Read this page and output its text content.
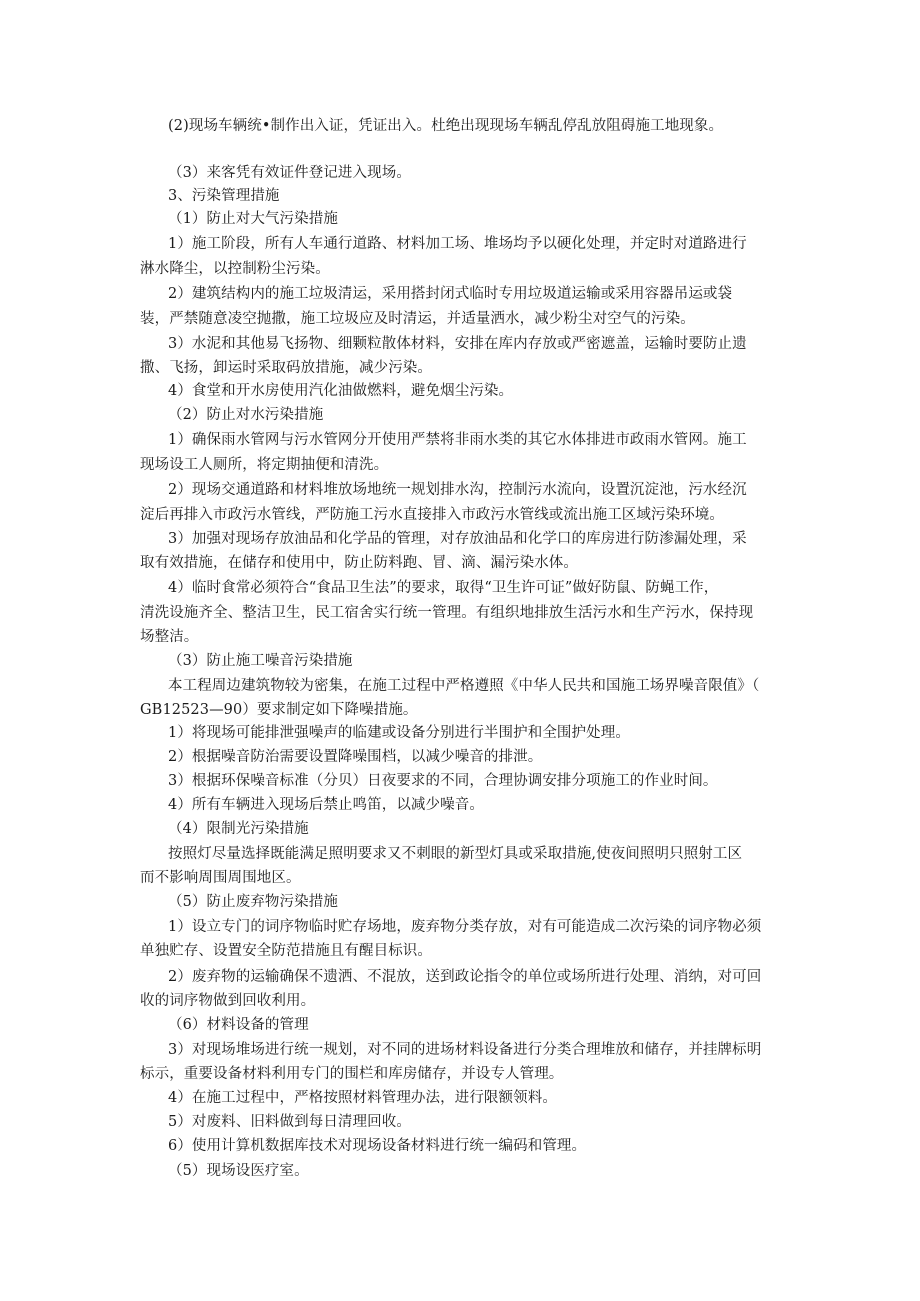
(2)现场车辆统•制作出入证，凭证出入。杜绝出现现场车辆乱停乱放阻碍施工地现象。
（3）来客凭有效证件登记进入现场。
3、污染管理措施
（1）防止对大气污染措施
1）施工阶段，所有人车通行道路、材料加工场、堆场均予以硬化处理，并定时对道路进行
淋水降尘，以控制粉尘污染。
2）建筑结构内的施工垃圾清运，采用搭封闭式临时专用垃圾道运输或采用容器吊运或袋
装，严禁随意凌空抛撒，施工垃圾应及时清运，并适量洒水，减少粉尘对空气的污染。
3）水泥和其他易飞扬物、细颗粒散体材料，安排在库内存放或严密遮盖，运输时要防止遗
撒、飞扬，卸运时采取码放措施，减少污染。
4）食堂和开水房使用汽化油做燃料，避免烟尘污染。
（2）防止对水污染措施
1）确保雨水管网与污水管网分开使用严禁将非雨水类的其它水体排进市政雨水管网。施工
现场设工人厕所，将定期抽便和清洗。
2）现场交通道路和材料堆放场地统一规划排水沟，控制污水流向，设置沉淀池，污水经沉
淀后再排入市政污水管线，严防施工污水直接排入市政污水管线或流出施工区域污染环境。
3）加强对现场存放油品和化学品的管理，对存放油品和化学口的库房进行防渗漏处理，采
取有效措施，在储存和使用中，防止防料跑、冒、滴、漏污染水体。
4）临时食常必须符合“食品卫生法”的要求，取得“卫生许可证”做好防鼠、防蝇工作，
清洗设施齐全、整洁卫生，民工宿舍实行统一管理。有组织地排放生活污水和生产污水，保持现
场整洁。
（3）防止施工噪音污染措施
本工程周边建筑物较为密集，在施工过程中严格遵照《中华人民共和国施工场界噪音限值》（
GB12523—90）要求制定如下降噪措施。
1）将现场可能排泄强噪声的临建或设备分别进行半围护和全围护处理。
2）根据噪音防治需要设置降噪围档，以减少噪音的排泄。
3）根据环保噪音标准（分贝）日夜要求的不同，合理协调安排分项施工的作业时间。
4）所有车辆进入现场后禁止鸣笛，以减少噪音。
（4）限制光污染措施
按照灯尽量选择既能满足照明要求又不刺眼的新型灯具或采取措施,使夜间照明只照射工区
而不影响周围周围地区。
（5）防止废弃物污染措施
1）设立专门的词序物临时贮存场地，废弃物分类存放，对有可能造成二次污染的词序物必须
单独贮存、设置安全防范措施且有醒目标识。
2）废弃物的运输确保不遗洒、不混放，送到政论指令的单位或场所进行处理、消纳，对可回
收的词序物做到回收利用。
（6）材料设备的管理
3）对现场堆场进行统一规划，对不同的进场材料设备进行分类合理堆放和储存，并挂牌标明
标示，重要设备材料利用专门的围栏和库房储存，并设专人管理。
4）在施工过程中，严格按照材料管理办法，进行限额领料。
5）对废料、旧料做到每日清理回收。
6）使用计算机数据库技术对现场设备材料进行统一编码和管理。
（5）现场设医疗室。
